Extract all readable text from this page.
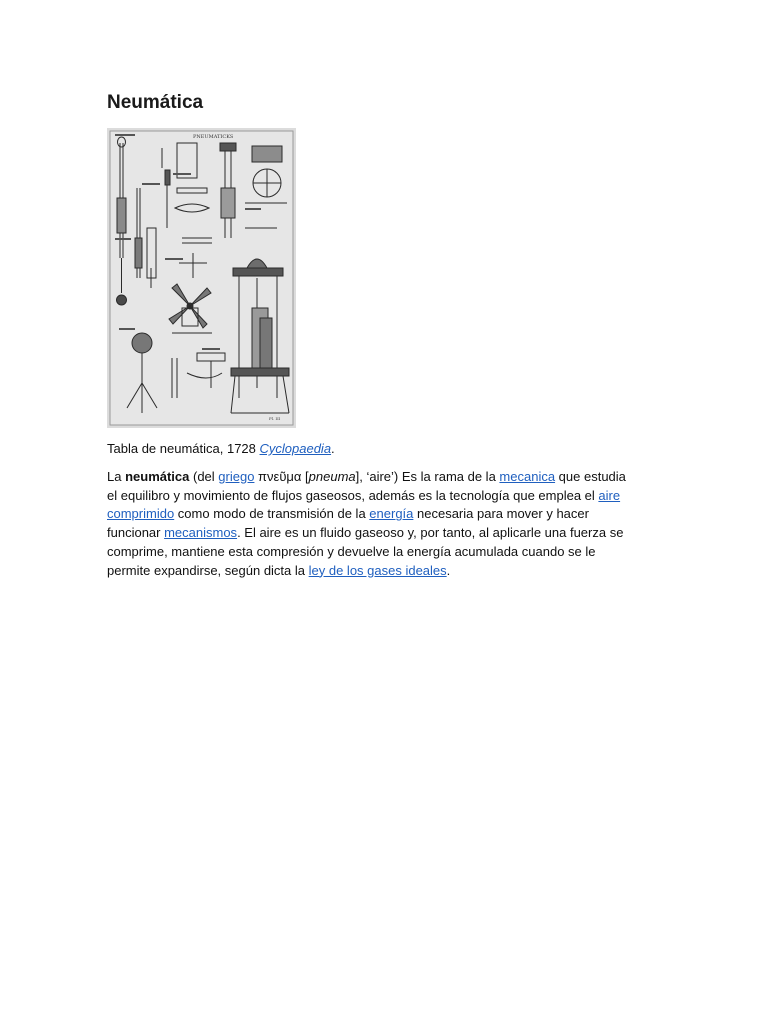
Neumática
PNEUMATICKS
Pl. III

Tabla de neumática, 1728 Cyclopaedia.

La neumática (del griego πνεῦμα [pneuma], ‘aire’) Es la rama de la mecanica que estudia el equilibro y movimiento de flujos gaseosos, además es la tecnología que emplea el aire comprimido como modo de transmisión de la energía necesaria para mover y hacer funcionar mecanismos. El aire es un fluido gaseoso y, por tanto, al aplicarle una fuerza se comprime, mantiene esta compresión y devuelve la energía acumulada cuando se le permite expandirse, según dicta la ley de los gases ideales.
